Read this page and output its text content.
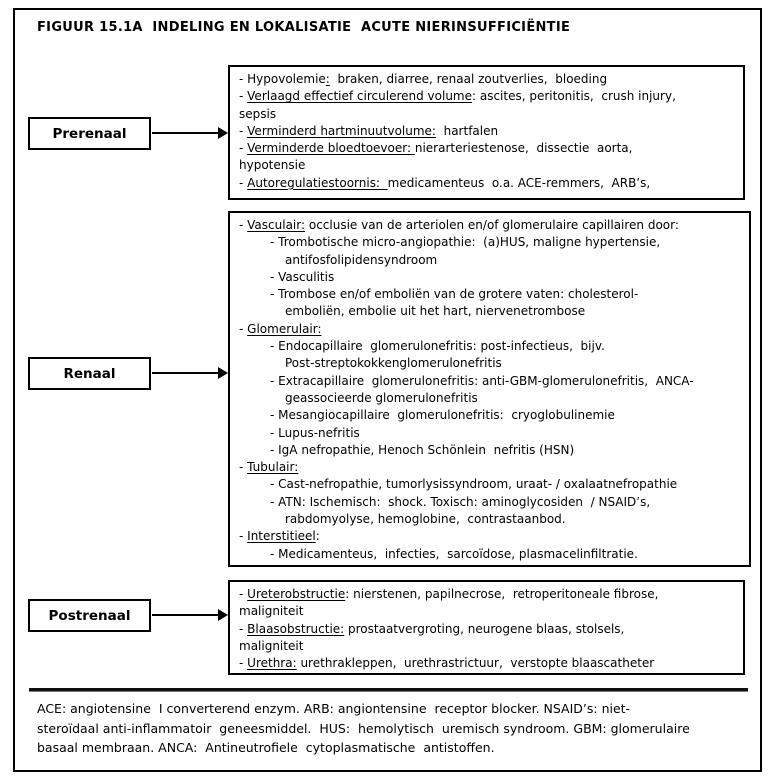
FIGUUR 15.1A  INDELING EN LOKALISATIE  ACUTE NIERINSUFFICIËNTIE
Prerenaal
- Hypovolemie:  braken, diarree, renaal zoutverlies,  bloeding
- Verlaagd effectief circulerend volume: ascites, peritonitis,  crush injury,
sepsis
- Verminderd hartminuutvolume:  hartfalen
- Verminderde bloedtoevoer: nierarteriestenose,  dissectie  aorta,
hypotensie
- Autoregulatiestoornis:  medicamenteus  o.a. ACE-remmers,  ARB’s,
Renaal
- Vasculair: occlusie van de arteriolen en/of glomerulaire capillairen door:
- Trombotische micro-angiopathie:  (a)HUS, maligne hypertensie,
antifosfolipidensyndroom
- Vasculitis
- Trombose en/of emboliën van de grotere vaten: cholesterol-
emboliën, embolie uit het hart, niervenetrombose
- Glomerulair:
- Endocapillaire  glomerulonefritis: post-infectieus,  bijv.
Post-streptokokkenglomerulonefritis
- Extracapillaire  glomerulonefritis: anti-GBM-glomerulonefritis,  ANCA-
geassocieerde glomerulonefritis
- Mesangiocapillaire  glomerulonefritis:  cryoglobulinemie
- Lupus-nefritis
- IgA nefropathie, Henoch Schönlein  nefritis (HSN)
- Tubulair:
- Cast-nefropathie, tumorlysissyndroom, uraat- / oxalaatnefropathie
- ATN: Ischemisch:  shock. Toxisch: aminoglycosiden  / NSAID’s,
rabdomyolyse, hemoglobine,  contrastaanbod.
- Interstitieel:
- Medicamenteus,  infecties,  sarcoïdose, plasmacelinfiltratie.
Postrenaal
- Ureterobstructie: nierstenen, papilnecrose,  retroperitoneale fibrose,
maligniteit
- Blaasobstructie: prostaatvergroting, neurogene blaas, stolsels,
maligniteit
- Urethra: urethrakleppen,  urethrastrictuur,  verstopte blaascatheter
ACE: angiotensine  I converterend enzym. ARB: angiontensine  receptor blocker. NSAID’s: niet-
steroïdaal anti-inflammatoir  geneesmiddel.  HUS:  hemolytisch  uremisch syndroom. GBM: glomerulaire
basaal membraan. ANCA:  Antineutrofiele  cytoplasmatische  antistoffen.
